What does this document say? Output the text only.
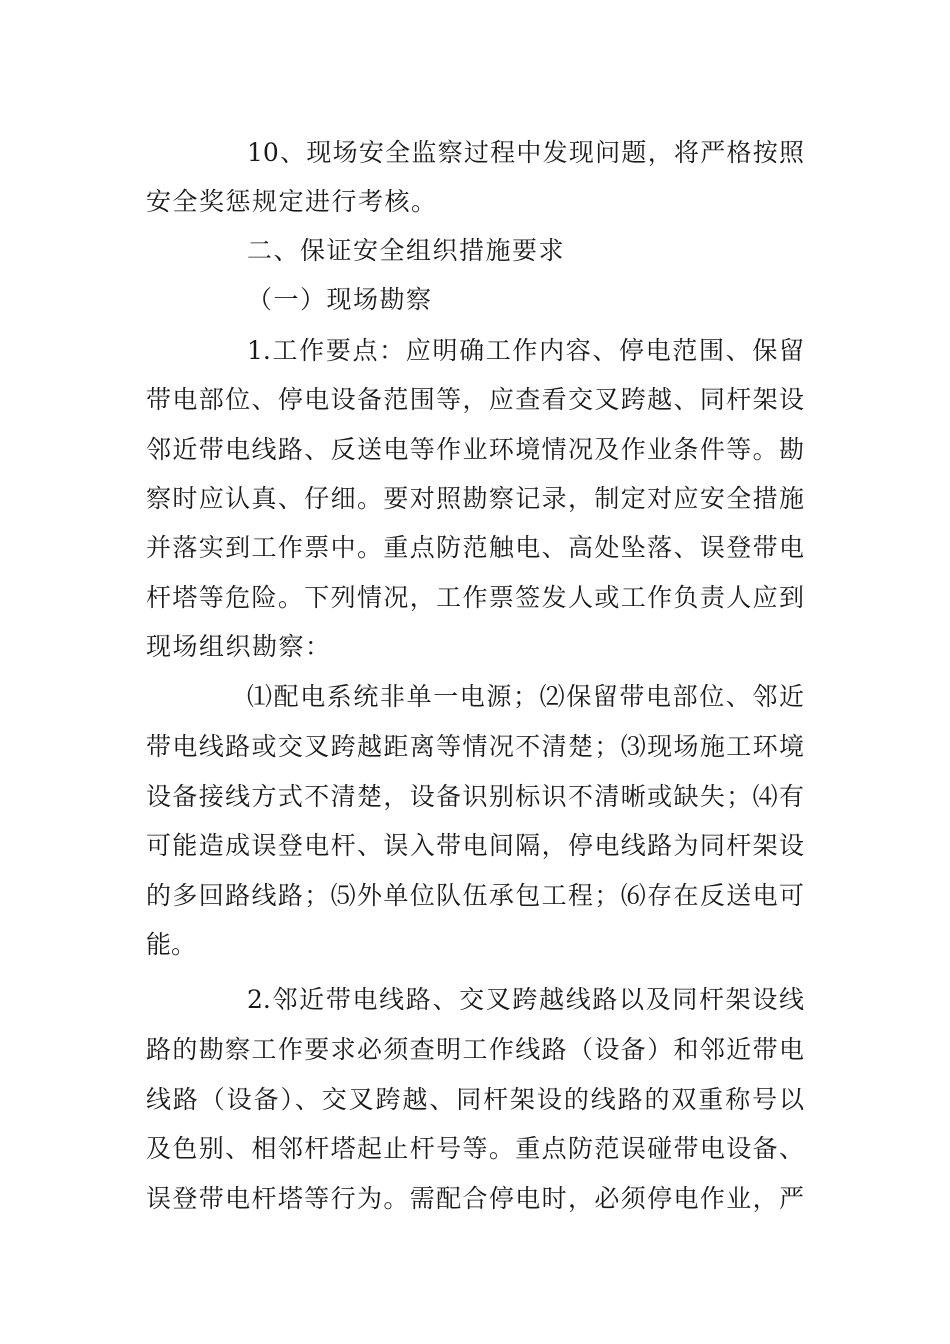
10、现场安全监察过程中发现问题，将严格按照
安全奖惩规定进行考核。
二、保证安全组织措施要求
（一）现场勘察
1.工作要点：应明确工作内容、停电范围、保留
带电部位、停电设备范围等，应查看交叉跨越、同杆架设
邻近带电线路、反送电等作业环境情况及作业条件等。勘
察时应认真、仔细。要对照勘察记录，制定对应安全措施
并落实到工作票中。重点防范触电、高处坠落、误登带电
杆塔等危险。下列情况，工作票签发人或工作负责人应到
现场组织勘察：
⑴配电系统非单一电源；⑵保留带电部位、邻近
带电线路或交叉跨越距离等情况不清楚；⑶现场施工环境
设备接线方式不清楚，设备识别标识不清晰或缺失；⑷有
可能造成误登电杆、误入带电间隔，停电线路为同杆架设
的多回路线路；⑸外单位队伍承包工程；⑹存在反送电可
能。
2.邻近带电线路、交叉跨越线路以及同杆架设线
路的勘察工作要求必须查明工作线路（设备）和邻近带电
线路（设备）、交叉跨越、同杆架设的线路的双重称号以
及色别、相邻杆塔起止杆号等。重点防范误碰带电设备、
误登带电杆塔等行为。需配合停电时，必须停电作业，严
